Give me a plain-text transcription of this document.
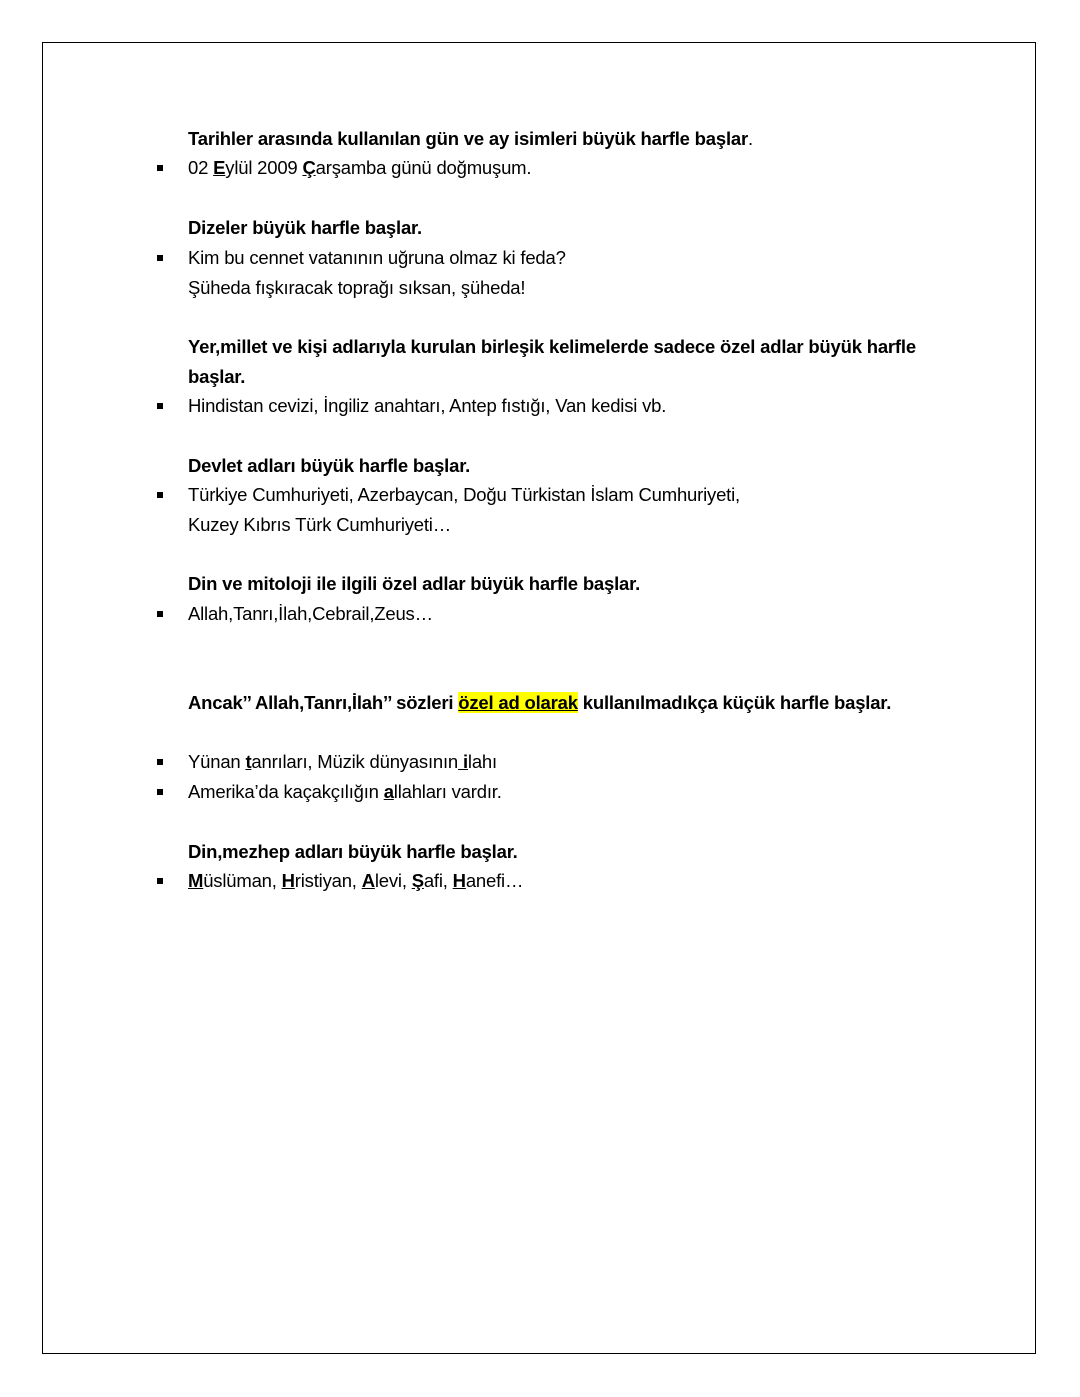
Tarihler arasında kullanılan gün ve ay isimleri büyük harfle başlar.
02 Eylül 2009 Çarşamba günü doğmuşum.
Dizeler büyük harfle başlar.
Kim bu cennet vatanının uğruna olmaz ki feda?
Şüheda fışkıracak toprağı sıksan, şüheda!
Yer,millet ve kişi adlarıyla kurulan birleşik kelimelerde sadece özel adlar büyük harfle
başlar.
Hindistan cevizi, İngiliz anahtarı, Antep fıstığı, Van kedisi vb.
Devlet adları büyük harfle başlar.
Türkiye Cumhuriyeti, Azerbaycan, Doğu Türkistan İslam Cumhuriyeti,
Kuzey Kıbrıs Türk Cumhuriyeti…
Din ve mitoloji ile ilgili özel adlar büyük harfle başlar.
Allah,Tanrı,İlah,Cebrail,Zeus…
Ancak’’ Allah,Tanrı,İlah’’ sözleri özel ad olarak kullanılmadıkça küçük harfle başlar.
Yünan tanrıları, Müzik dünyasının ilahı
Amerika’da kaçakçılığın allahları vardır.
Din,mezhep adları büyük harfle başlar.
Müslüman, Hristiyan, Alevi, Şafi, Hanefi…
